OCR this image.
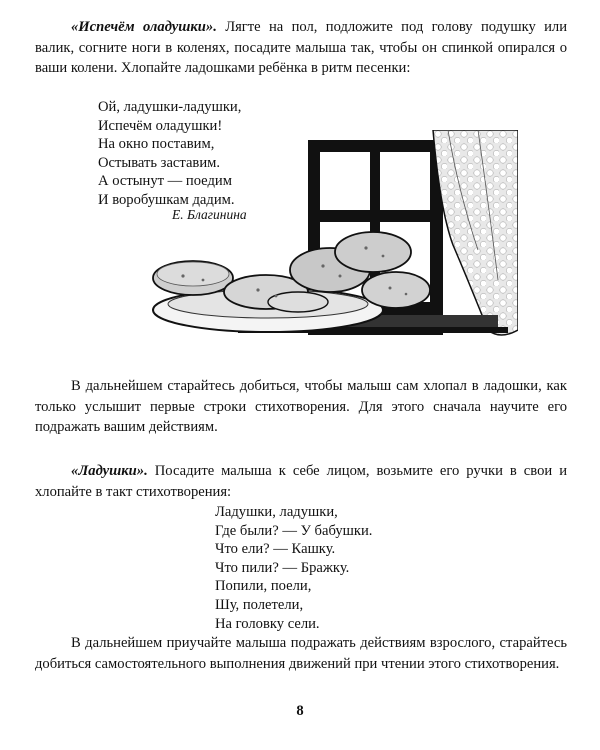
«Испечём оладушки». Лягте на пол, подложите под голову подушку или валик, согните ноги в коленях, посадите малыша так, чтобы он спинкой опирался о ваши колени. Хлопайте ладошками ребёнка в ритм песенки:
Ой, ладушки-ладушки,
Испечём оладушки!
На окно поставим,
Остывать заставим.
А остынут — поедим
И воробушкам дадим.
Е. Благинина
В дальнейшем старайтесь добиться, чтобы малыш сам хлопал в ладошки, как только услышит первые строки стихотворения. Для этого сначала научите его подражать вашим действиям.
«Ладушки». Посадите малыша к себе лицом, возьмите его ручки в свои и хлопайте в такт стихотворения:
Ладушки, ладушки,
Где были? — У бабушки.
Что ели? — Кашку.
Что пили? — Бражку.
Попили, поели,
Шу, полетели,
На головку сели.
В дальнейшем приучайте малыша подражать действиям взрослого, старайтесь добиться самостоятельного выполнения движений при чтении этого стихотворения.
8
